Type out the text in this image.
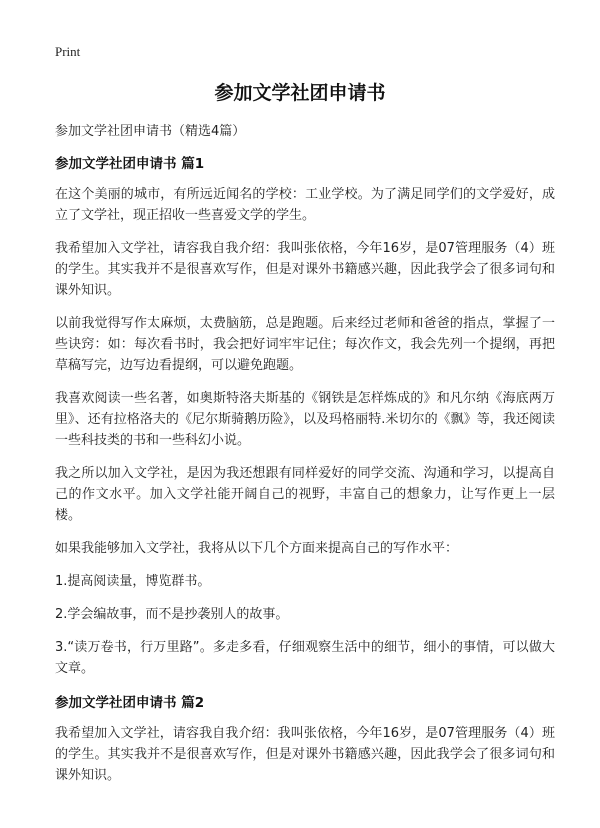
Print
参加文学社团申请书
参加文学社团申请书（精选4篇）
参加文学社团申请书 篇1

在这个美丽的城市，有所远近闻名的学校：工业学校。为了满足同学们的文学爱好，成立了文学社，现正招收一些喜爱文学的学生。

我希望加入文学社，请容我自我介绍：我叫张依格，今年16岁，是07管理服务（4）班的学生。其实我并不是很喜欢写作，但是对课外书籍感兴趣，因此我学会了很多词句和课外知识。

以前我觉得写作太麻烦，太费脑筋，总是跑题。后来经过老师和爸爸的指点，掌握了一些诀窍：如：每次看书时，我会把好词牢牢记住；每次作文，我会先列一个提纲，再把草稿写完，边写边看提纲，可以避免跑题。

我喜欢阅读一些名著，如奥斯特洛夫斯基的《钢铁是怎样炼成的》和凡尔纳《海底两万里》、还有拉格洛夫的《尼尔斯骑鹅历险》，以及玛格丽特.米切尔的《飘》等，我还阅读一些科技类的书和一些科幻小说。

我之所以加入文学社，是因为我还想跟有同样爱好的同学交流、沟通和学习，以提高自己的作文水平。加入文学社能开阔自己的视野，丰富自己的想象力，让写作更上一层楼。

如果我能够加入文学社，我将从以下几个方面来提高自己的写作水平：

1.提高阅读量，博览群书。

2.学会编故事，而不是抄袭别人的故事。

3.“读万卷书，行万里路”。多走多看，仔细观察生活中的细节，细小的事情，可以做大文章。

参加文学社团申请书 篇2

我希望加入文学社，请容我自我介绍：我叫张依格，今年16岁，是07管理服务（4）班的学生。其实我并不是很喜欢写作，但是对课外书籍感兴趣，因此我学会了很多词句和课外知识。
